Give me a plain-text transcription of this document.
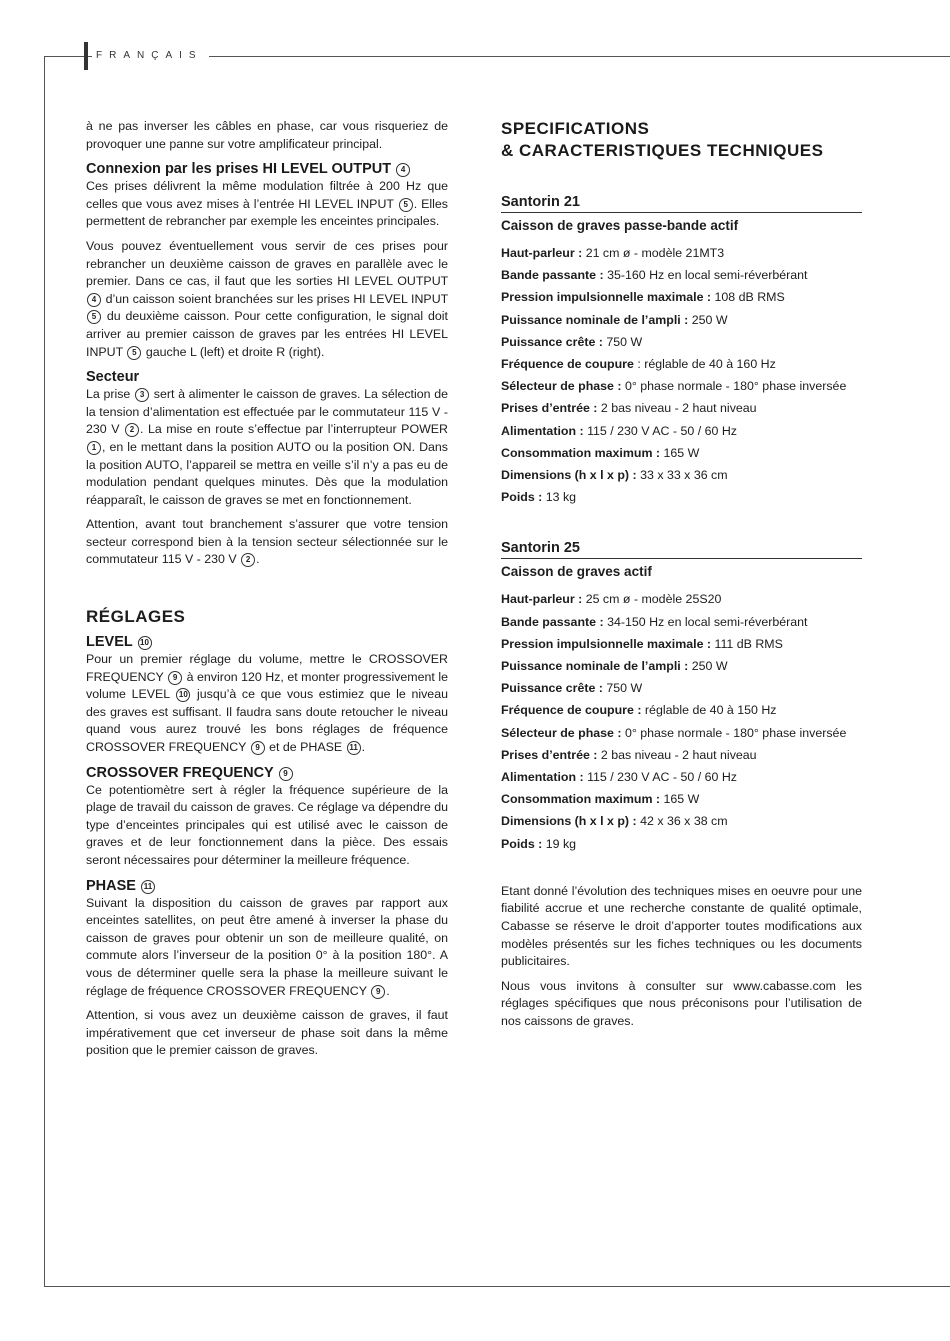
FRANÇAIS

à ne pas inverser les câbles en phase, car vous risqueriez de provoquer une panne sur votre amplificateur principal.

Connexion par les prises HI LEVEL OUTPUT 4

Ces prises délivrent la même modulation filtrée à 200 Hz que celles que vous avez mises à l’entrée HI LEVEL INPUT 5 . Elles permettent de rebrancher par exemple les enceintes principales.

Vous pouvez éventuellement vous servir de ces prises pour rebrancher un deuxième caisson de graves en parallèle avec le premier. Dans ce cas, il faut que les sorties HI LEVEL OUTPUT 4 d’un caisson soient branchées sur les prises HI LEVEL INPUT 5 du deuxième caisson. Pour cette configuration, le signal doit arriver au premier caisson de graves par les entrées HI LEVEL INPUT 5 gauche L (left) et droite R (right).

Secteur

La prise 3 sert à alimenter le caisson de graves. La sélection de la tension d’alimentation est effectuée par le commutateur 115 V - 230 V 2 . La mise en route s’effectue par l’interrupteur POWER 1 , en le mettant dans la position AUTO ou la position ON. Dans la position AUTO, l’appareil se mettra en veille s’il n’y a pas eu de modulation pendant quelques minutes. Dès que la modulation réapparaît, le caisson de graves se met en fonctionnement.

Attention, avant tout branchement s’assurer que votre tension secteur correspond bien à la tension secteur sélectionnée sur le commutateur 115 V - 230 V 2 .

RÉGLAGES
LEVEL 10

Pour un premier réglage du volume, mettre le CROSSOVER FREQUENCY 9 à environ 120 Hz, et monter progressivement le volume LEVEL 10 jusqu’à ce que vous estimiez que le niveau des graves est suffisant. Il faudra sans doute retoucher le niveau quand vous aurez trouvé les bons réglages de fréquence CROSSOVER FREQUENCY 9 et de PHASE 11 .

CROSSOVER FREQUENCY 9

Ce potentiomètre sert à régler la fréquence supérieure de la plage de travail du caisson de graves. Ce réglage va dépendre du type d’enceintes principales qui est utilisé avec le caisson de graves et de leur fonctionnement dans la pièce. Des essais seront nécessaires pour déterminer la meilleure fréquence.

PHASE 11

Suivant la disposition du caisson de graves par rapport aux enceintes satellites, on peut être amené à inverser la phase du caisson de graves pour obtenir un son de meilleure qualité, on commute alors l’inverseur de la position 0° à la position 180°. A vous de déterminer quelle sera la phase la meilleure suivant le réglage de fréquence CROSSOVER FREQUENCY 9 .

Attention, si vous avez un deuxième caisson de graves, il faut impérativement que cet inverseur de phase soit dans la même position que le premier caisson de graves.

SPECIFICATIONS
& CARACTERISTIQUES TECHNIQUES
Santorin 21
Caisson de graves passe-bande actif

Haut-parleur : 21 cm ø - modèle 21MT3

Bande passante : 35-160 Hz en local semi-réverbérant

Pression impulsionnelle maximale : 108 dB RMS

Puissance nominale de l’ampli : 250 W

Puissance crête : 750 W

Fréquence de coupure : réglable de 40 à 160 Hz

Sélecteur de phase : 0° phase normale - 180° phase inversée

Prises d’entrée : 2 bas niveau - 2 haut niveau

Alimentation : 115 / 230 V AC - 50 / 60 Hz

Consommation maximum : 165 W

Dimensions (h x l x p) : 33 x 33 x 36 cm

Poids : 13 kg

Santorin 25
Caisson de graves actif

Haut-parleur : 25 cm ø - modèle 25S20

Bande passante : 34-150 Hz en local semi-réverbérant

Pression impulsionnelle maximale : 111 dB RMS

Puissance nominale de l’ampli : 250 W

Puissance crête : 750 W

Fréquence de coupure : réglable de 40 à 150 Hz

Sélecteur de phase : 0° phase normale - 180° phase inversée

Prises d’entrée : 2 bas niveau - 2 haut niveau

Alimentation : 115 / 230 V AC - 50 / 60 Hz

Consommation maximum : 165 W

Dimensions (h x l x p) : 42 x 36 x 38 cm

Poids : 19 kg

Etant donné l’évolution des techniques mises en oeuvre pour une fiabilité accrue et une recherche constante de qualité optimale, Cabasse se réserve le droit d’apporter toutes modifications aux modèles présentés sur les fiches techniques ou les documents publicitaires.

Nous vous invitons à consulter sur www.cabasse.com les réglages spécifiques que nous préconisons pour l’utilisation de nos caissons de graves.
